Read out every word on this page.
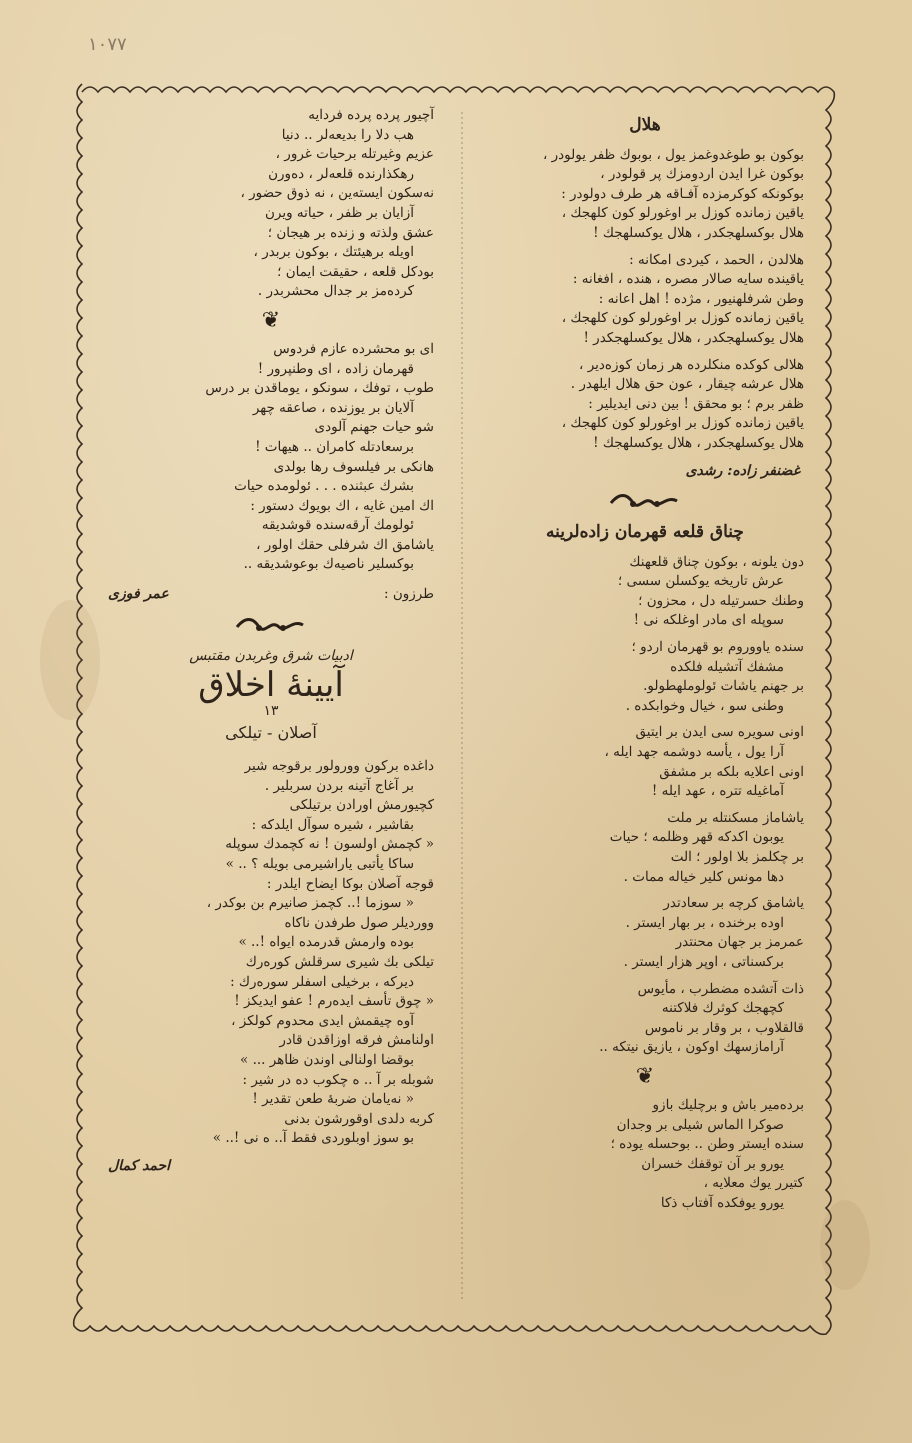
١٠٧٧
هلال
بوکون بو طوغدوغمز یول ، بوبوك ظفر یولودر ،
بوکون غرا ایدن اردومزك پر قولودر ،
بوکونکه کوکرمزده آفـاقه هر طرف دولودر :
یاقین زمانده کوزل بر اوغورلو کون کلهجك ،
هلال بوکسلهجکدر ، هلال یوکسلهجك !
هلالدن ، الحمد ، کیردی امکانه :
یاقینده سایه صالار مصره ، هنده ، افغانه :
وطن شرفلهنیور ، مژده ! اهل اعانه :
یاقین زمانده کوزل بر اوغورلو کون کلهجك ،
هلال یوکسلهجکدر ، هلال یوکسلهجکدر !
هلالی کوکده منکلرده هر زمان کوزه‌دیر ،
هلال عرشه چیقار ، عون حق هلال ایلهدر .
ظفر برم ؛ بو محقق ! بین دنی ایدیلیر :
یاقین زمانده کوزل بر اوغورلو کون کلهجك ،
هلال یوکسلهجکدر ، هلال یوکسلهجك !
غضنفر زاده: رشدی
چناق قلعه قهرمان زاده‌لرینه
دون یلونه ، بوکون چناق قلعهنك
عرش تاریخه یوکسلن سسی ؛
وطنك حسرتیله دل ، محزون ؛
سوپله ای مادر اوغلکه نی !
سنده یاووروم بو قهرمان اردو ؛
مشفك آتشیله فلکده
بر جهنم یاشات ئولوملهطولو.
وطنی سو ، خیال وخوابکده .
اونی سویره سی ایدن بر ایتیق
آرا یول ، یأسه دوشمه جهد ایله ،
اونی اعلایه بلکه بر مشفق
آماغیله تتره ، عهد ایله !
یاشاماز مسکنتله بر ملت
یوبون اکدکه قهر وظلمه ؛ حیات
بر چکلمز بلا اولور ؛ الت
دها مونس کلیر خیاله ممات .
یاشامق کرچه بر سعادتدر
اوده برخنده ، بر بهار ایستر .
عمرمز بر جهان محنتدر
برکسناتی ، اوپر هزار ایستر .
ذات آتشده مضطرب ، مأیوس
کچهجك کوثرك فلاکتنه
قالقلاوب ، بر وقار بر ناموس
آرامازسهك اوکون ، یازیق نیتکه ..
❦
برده‌میر باش و برچلیك بازو
صوکرا الماس شیلی بر وجدان
سنده ایستر وطن .. بوحسله یوده ؛
یورو بر آن توقفك خسران
کتیرر یوك معلایه ،
یورو یوفکده آفتاب ذکا
آچیور پرده پرده فردایه
هب دلا‌ را بدیعه‌لر .. دنیا
عزیم وغیرتله برحیات غرور ،
رهکذارنده قلعه‌لر ، ده‌ورن
نه‌سکون ایسته‌ین ، نه ذوق حضور ،
آزایان بر ظفر ، حیاته ویرن
عشق ولذته و زنده بر هیجان ؛
اویله برهیئتك ، بوکون بربدر ،
بودکل قلعه ، حقیقت ایمان ؛
کرده‌مز بر جدال محشربدر .
❦
ای بو محشرده عازم فردوس
قهرمان زاده ، ای وطنپرور !
طوب ، توفك ، سونکو ، یوماقدن بر درس
آلایان بر یوزنده ، صاعقه چهر
شو حیات جهنم آلودی
برسعادتله کامران .. هیهات !
هانکی بر فیلسوف رها بولدی
بشرك عبثنده . . . ئولومده حیات
اك امین غایه ، اك بویوك دستور :
ئولومك آرقه‌سنده قوشدیقه
یاشامق اك شرفلی حقك اولور ،
بوکسلیر ناصیه‌ك بوعوشدیقه ..
طرزون :
عمر فوزی
ادبیات شرق وغربدن مقتبس
آیینهٔ اخلاق
١٣
آصلان - تیلکی
داغده برکون وورولور برقوجه شیر
بر آغاج آتینه بردن سربلیر .
کچیورمش اورادن برتیلکی
بقاشیر ، شیره سوآل ایلدکه :
« کچمش اولسون ! نه کچمدك سوپله
ساکا یأتبی یاراشیرمی بویله ؟ .. »
قوجه آصلان بوکا ایضاح ایلدر :
« سوزما !.. کچمز صانیرم بن بوکدر ،
ووردیلر صول طرفدن ناکاه
بوده وارمش قدرمده ایواه !.. »
تیلکی بك شیری سرقلش کوره‌رك
دیرکه ، برخیلی اسفلر سوره‌رك :
« چوق تأسف ایده‌رم ! عفو ایدیکز !
آوه چیقمش ایدی محدوم کولکز ،
اولنامش فرقه اوزاقدن قادر
بوقضا اولنالی اوندن ظاهر ... »
شوبله بر آ .. ه چکوب ده در شیر :
« نه‌یامان ضربهٔ طعن تقدیر !
کربه دلدی اوقورشون بدنی
بو سوز اوبلوردی فقط آ.. ه نی !.. »
احمد کمال
